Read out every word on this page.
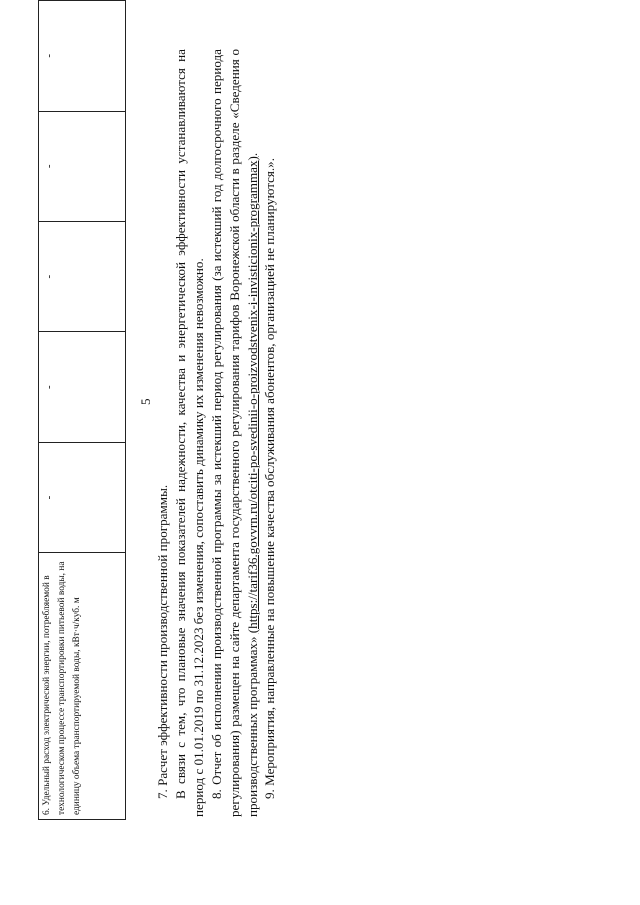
5
6. Удельный расход электрической энергии, потребляемой в технологическом процессе транспортировки питьевой воды, на единицу объема транспортируемой воды, кВт·ч/куб. м	-	-	-	-	-

7. Расчет эффективности производственной программы. В связи с тем, что плановые значения показателей надежности, качества и энергетической эффективности устанавливаются на период с 01.01.2019 по 31.12.2023 без изменения, сопоставить динамику их изменения невозможно. 8. Отчет об исполнении производственной программы за истекший период регулирования (за истекший год долгосрочного периода регулирования) размещен на сайте департамента государственного регулирования тарифов Воронежской области в разделе «Сведения о производственных программах» (https://tarif36.govvrn.ru/otciti-po-svedinii-o-proizvodstvenix-i-invisticionix-programmax).

9. Мероприятия, направленные на повышение качества обслуживания абонентов, организацией не планируются.».
